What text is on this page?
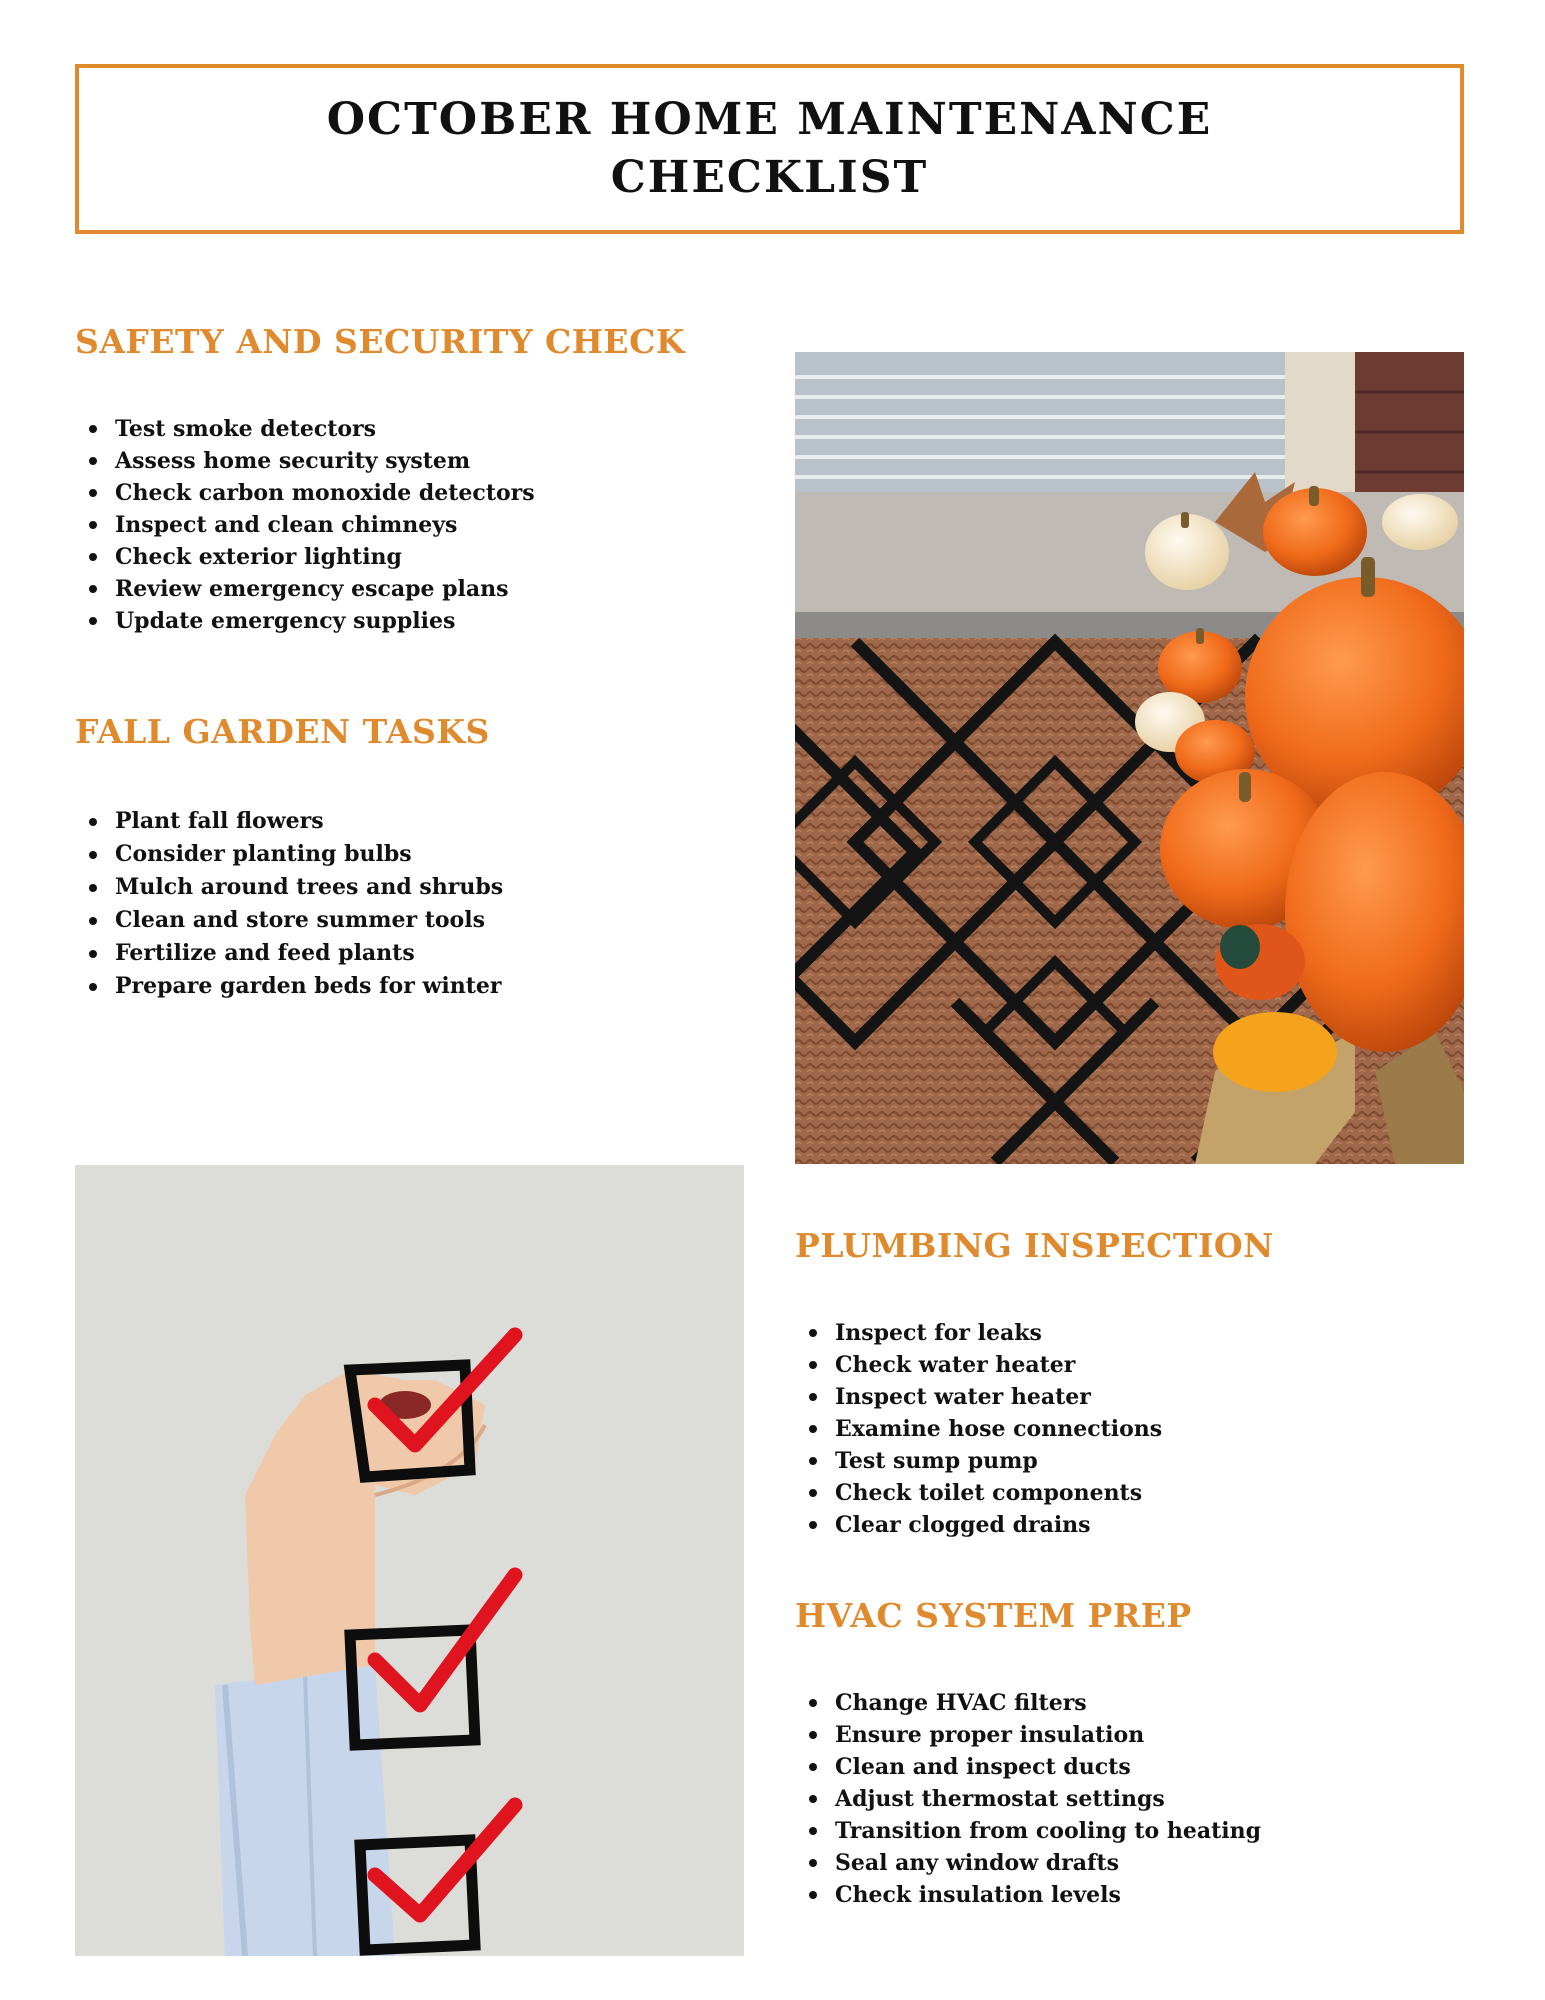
OCTOBER HOME MAINTENANCE
CHECKLIST
SAFETY AND SECURITY CHECK
Test smoke detectors
Assess home security system
Check carbon monoxide detectors
Inspect and clean chimneys
Check exterior lighting
Review emergency escape plans
Update emergency supplies
FALL GARDEN TASKS
Plant fall flowers
Consider planting bulbs
Mulch around trees and shrubs
Clean and store summer tools
Fertilize and feed plants
Prepare garden beds for winter
PLUMBING INSPECTION
Inspect for leaks
Check water heater
Inspect water heater
Examine hose connections
Test sump pump
Check toilet components
Clear clogged drains
HVAC SYSTEM PREP
Change HVAC filters
Ensure proper insulation
Clean and inspect ducts
Adjust thermostat settings
Transition from cooling to heating
Seal any window drafts
Check insulation levels
